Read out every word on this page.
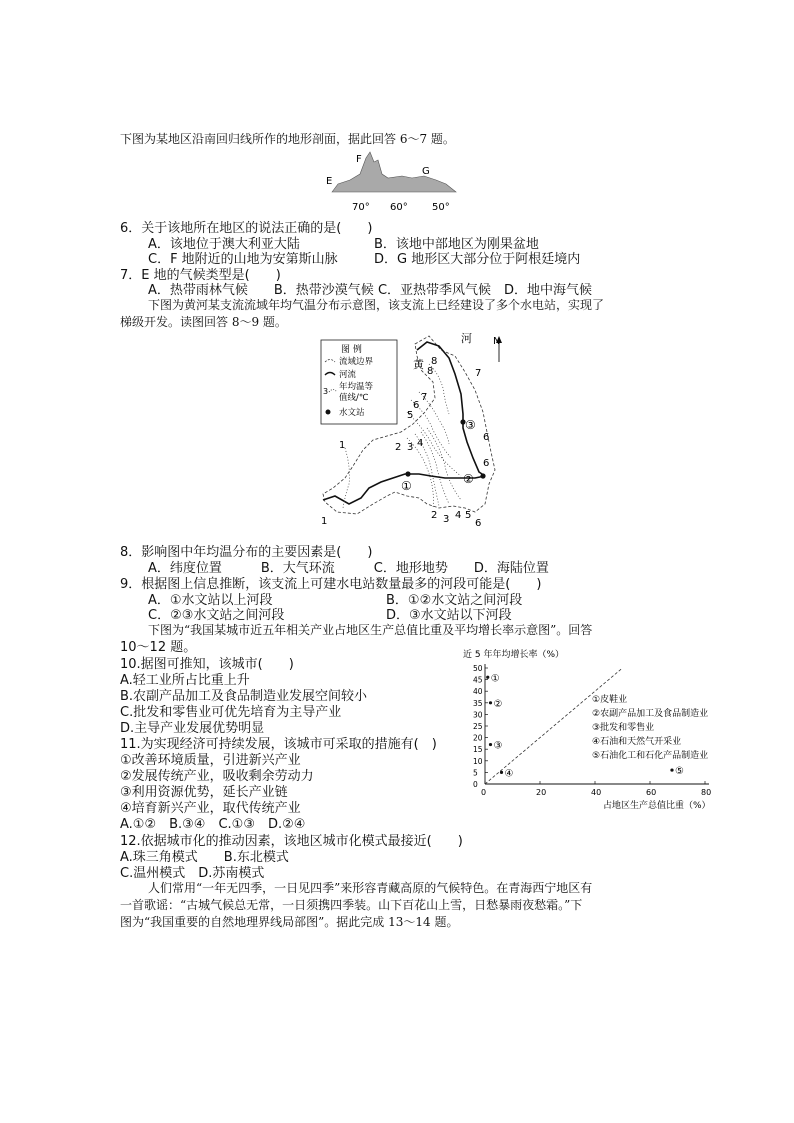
下图为某地区沿南回归线所作的地形剖面，据此回答 6～7 题。
E
F
G
70° 60° 50°
6．关于该地所在地区的说法正确的是(　　)
A．该地位于澳大利亚大陆	B．该地中部地区为刚果盆地
C．F 地附近的山地为安第斯山脉	D．G 地形区大部分位于阿根廷境内
7．E 地的气候类型是(　　)
A．热带雨林气候　　B．热带沙漠气候 C．亚热带季风气候　D．地中海气候
下图为黄河某支流流域年均气温分布示意图，该支流上已经建设了多个水电站，实现了
梯级开发。读图回答 8～9 题。
图 例
流域边界
河流
3 年均温等
值线/℃
水文站
8
8	7
7
6
6
5
2 3 4
1
1
2 3 4 5
6
6
黄
河 N
①	②
③
8．影响图中年均温分布的主要因素是(　　)
A．纬度位置　　　B．大气环流　　　C．地形地势　　D．海陆位置
9．根据图上信息推断，该支流上可建水电站数量最多的河段可能是(　　)
A．①水文站以上河段	B．①②水文站之间河段
C．②③水文站之间河段	D．③水文站以下河段
下图为“我国某城市近五年相关产业占地区生产总值比重及平均增长率示意图”。回答
10～12 题。
10.据图可推知，该城市(　　)
A.轻工业所占比重上升
B.农副产品加工及食品制造业发展空间较小
C.批发和零售业可优先培育为主导产业
D.主导产业发展优势明显
11.为实现经济可持续发展，该城市可采取的措施有(　)
①改善环境质量，引进新兴产业
②发展传统产业，吸收剩余劳动力
③利用资源优势，延长产业链
④培育新兴产业，取代传统产业
A.①②　B.③④　C.①③　D.②④
12.依据城市化的推动因素，该地区城市化模式最接近(　　)
A.珠三角模式　　B.东北模式
C.温州模式　D.苏南模式
人们常用“一年无四季，一日见四季”来形容青藏高原的气候特色。在青海西宁地区有
一首歌谣：“古城气候总无常，一日须携四季装。山下百花山上雪，日愁暴雨夜愁霜。”下
图为“我国重要的自然地理界线局部图”。据此完成 13～14 题。
近 5 年年均增长率（%）
0	20	40	60	80
0
5
10
15
20
25
30
35
40
45
50
①
②
③
④	⑤
①皮鞋业
②农副产品加工及食品制造业
③批发和零售业
④石油和天然气开采业
⑤石油化工和石化产品制造业
占地区生产总值比重（%）
